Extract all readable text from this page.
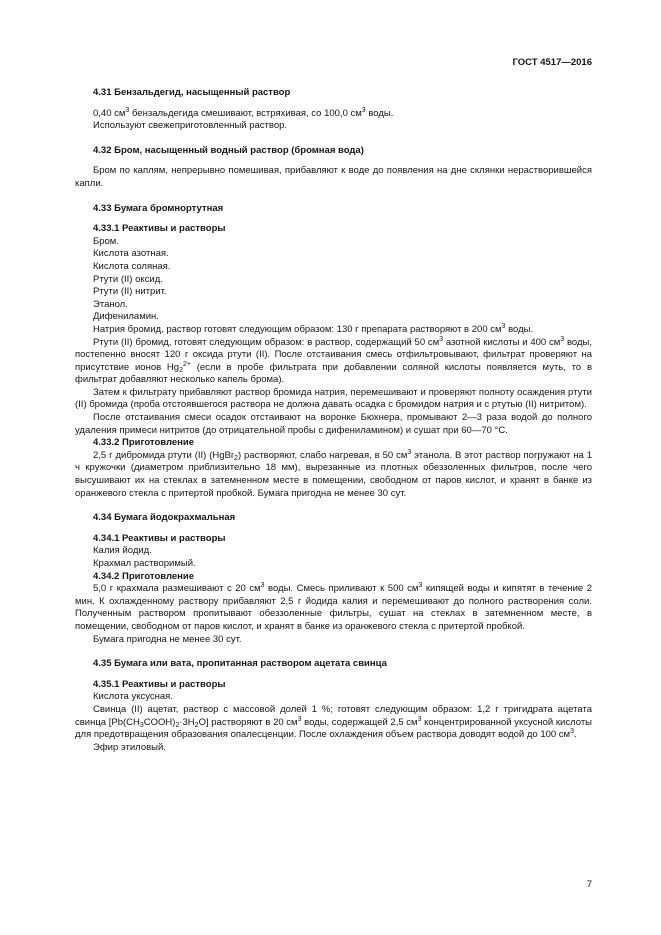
ГОСТ 4517—2016
4.31 Бензальдегид, насыщенный раствор
0,40 $см^3$ бензальдегида смешивают, встряхивая, со 100,0 $см^3$ воды.
Используют свежеприготовленный раствор.
4.32 Бром, насыщенный водный раствор (бромная вода)
Бром по каплям, непрерывно помешивая, прибавляют к воде до появления на дне склянки нерастворившейся капли.
4.33 Бумага бромнортутная
4.33.1 Реактивы и растворы
Бром.
Кислота азотная.
Кислота соляная.
Ртути (II) оксид.
Ртути (II) нитрит.
Этанол.
Дифениламин.
Натрия бромид, раствор готовят следующим образом: 130 г препарата растворяют в 200 $см^3$ воды.
Ртути (II) бромид, готовят следующим образом: в раствор, содержащий 50 $см^3$ азотной кислоты и 400 $см^3$ воды, постепенно вносят 120 г оксида ртути (II). После отстаивания смесь отфильтровывают, фильтрат проверяют на присутствие ионов $Hg_2^{2+}$ (если в пробе фильтрата при добавлении соляной кислоты появляется муть, то в фильтрат добавляют несколько капель брома).
Затем к фильтрату прибавляют раствор бромида натрия, перемешивают и проверяют полноту осаждения ртути (II) бромида (проба отстоявшегося раствора не должна давать осадка с бромидом натрия и с ртутью (II) нитритом).
После отстаивания смеси осадок отстаивают на воронке Бюхнера, промывают 2—3 раза водой до полного удаления примеси нитритов (до отрицательной пробы с дифениламином) и сушат при 60—70 °С.
4.33.2 Приготовление
2,5 г дибромида ртути (II) (HgBr$_2$) растворяют, слабо нагревая, в 50 $см^3$ этанола. В этот раствор погружают на 1 ч кружочки (диаметром приблизительно 18 мм), вырезанные из плотных обеззоленных фильтров, после чего высушивают их на стеклах в затемненном месте в помещении, свободном от паров кислот, и хранят в банке из оранжевого стекла с притертой пробкой. Бумага пригодна не менее 30 сут.
4.34 Бумага йодокрахмальная
4.34.1 Реактивы и растворы
Калия йодид.
Крахмал растворимый.
4.34.2 Приготовление
5,0 г крахмала размешивают с 20 $см^3$ воды. Смесь приливают к 500 $см^3$ кипящей воды и кипятят в течение 2 мин. К охлажденному раствору прибавляют 2,5 г йодида калия и перемешивают до полного растворения соли. Полученным раствором пропитывают обеззоленные фильтры, сушат на стеклах в затемненном месте, в помещении, свободном от паров кислот, и хранят в банке из оранжевого стекла с притертой пробкой.
Бумага пригодна не менее 30 сут.
4.35 Бумага или вата, пропитанная раствором ацетата свинца
4.35.1 Реактивы и растворы
Кислота уксусная.
Свинца (II) ацетат, раствор с массовой долей 1 %; готовят следующим образом: 1,2 г тригидрата ацетата свинца $[Pb(CH_3COOH)_2\cdot 3H_2O]$ растворяют в 20 $см^3$ воды, содержащей 2,5 $см^3$ концентрированной уксусной кислоты для предотвращения образования опалесценции. После охлаждения объем раствора доводят водой до 100 $см^3$.
Эфир этиловый.
7
